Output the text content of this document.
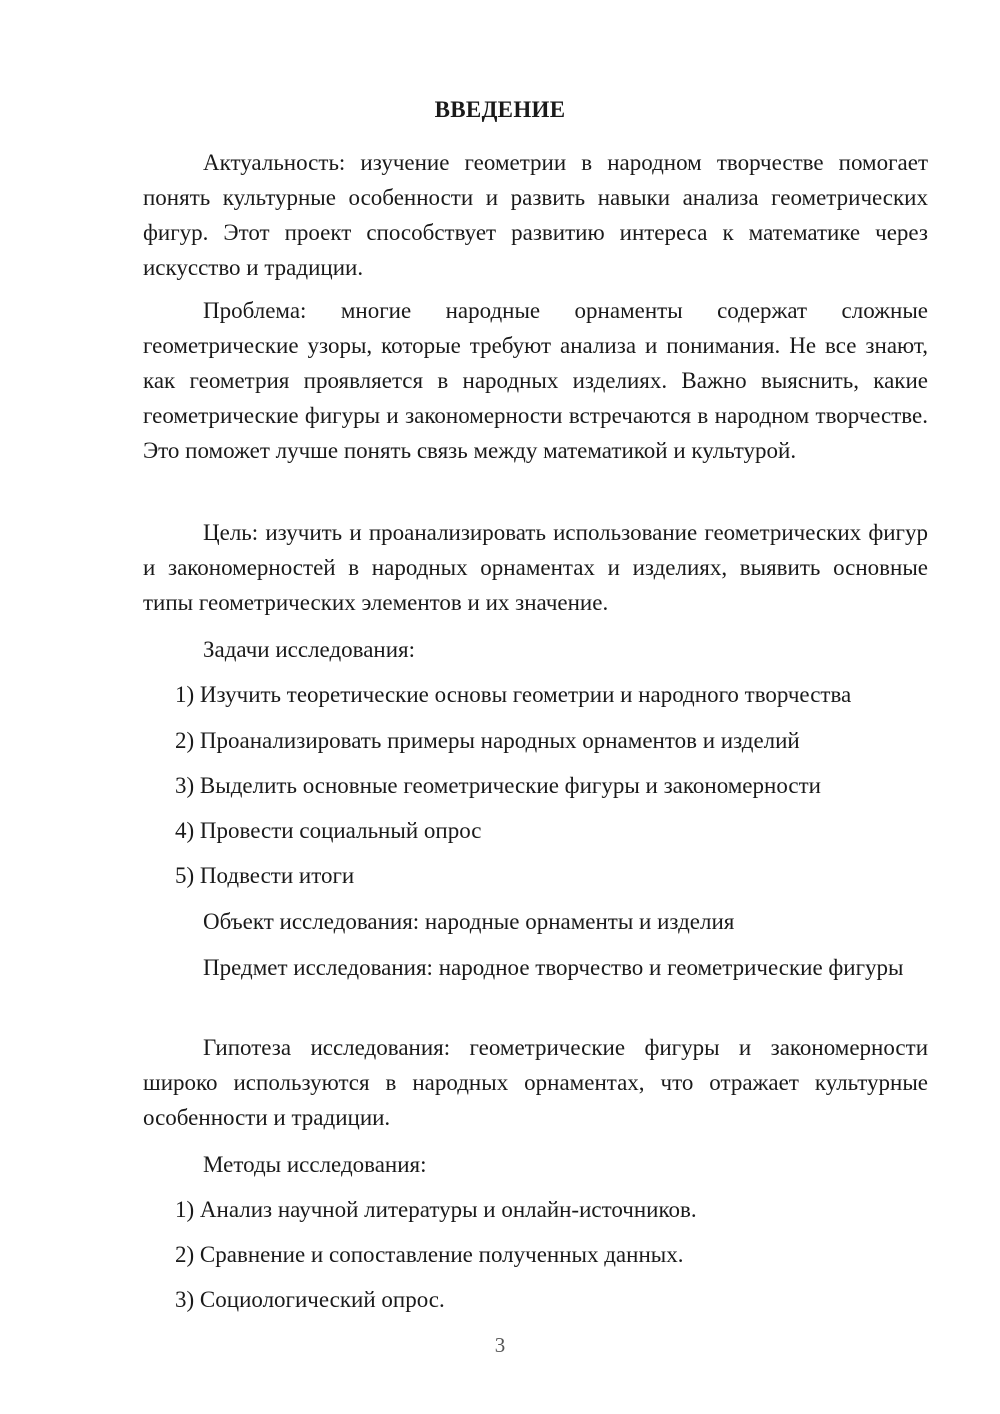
ВВЕДЕНИЕ

Актуальность: изучение геометрии в народном творчестве помогает понять культурные особенности и развить навыки анализа геометрических фигур. Этот проект способствует развитию интереса к математике через искусство и традиции.

Проблема: многие народные орнаменты содержат сложные геометрические узоры, которые требуют анализа и понимания. Не все знают, как геометрия проявляется в народных изделиях. Важно выяснить, какие геометрические фигуры и закономерности встречаются в народном творчестве. Это поможет лучше понять связь между математикой и культурой.

Цель: изучить и проанализировать использование геометрических фигур и закономерностей в народных орнаментах и изделиях, выявить основные типы геометрических элементов и их значение.

Задачи исследования:

1) Изучить теоретические основы геометрии и народного творчества
2) Проанализировать примеры народных орнаментов и изделий
3) Выделить основные геометрические фигуры и закономерности
4) Провести социальный опрос
5) Подвести итоги

Объект исследования: народные орнаменты и изделия

Предмет исследования: народное творчество и геометрические фигуры

Гипотеза исследования: геометрические фигуры и закономерности широко используются в народных орнаментах, что отражает культурные особенности и традиции.

Методы исследования:

1) Анализ научной литературы и онлайн-источников.
2) Сравнение и сопоставление полученных данных.
3) Социологический опрос.
3
